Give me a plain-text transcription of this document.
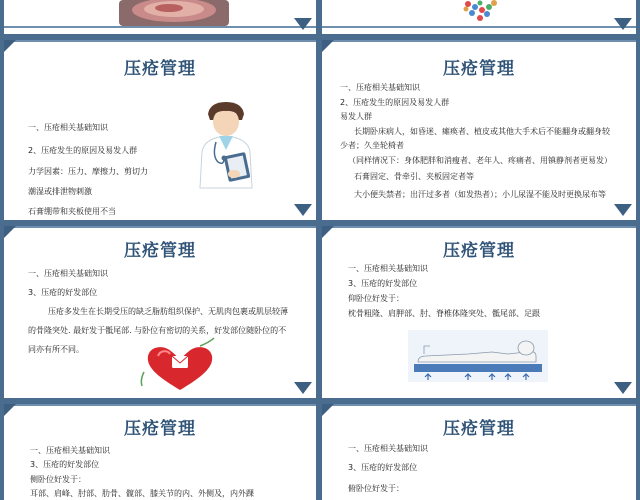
压疮管理
一、压疮相关基础知识
2、压疮发生的原因及易发人群
力学因素：压力、摩擦力、剪切力
潮湿或排泄物刺激
石膏绷带和夹板使用不当
压疮管理
一、压疮相关基础知识
2、压疮发生的原因及易发人群
易发人群
长期卧床病人，如昏迷、瘫痪者、植皮或其他大手术后不能翻身或翻身较
少者；久坐轮椅者
（同样情况下：身体肥胖和消瘦者、老年人、疼痛者、用镇静剂者更易发）
石膏固定、骨牵引、夹板固定者等
大小便失禁者；出汗过多者（如发热者）；小儿尿湿不能及时更换尿布等
压疮管理
一、压疮相关基础知识
3、压疮的好发部位
压疮多发生在长期受压的缺乏脂肪组织保护、无肌肉包裹或肌层较薄的骨隆突处. 最好发于骶尾部. 与卧位有密切的关系，好发部位随卧位的不同亦有所不同。
压疮管理
一、压疮相关基础知识
3、压疮的好发部位
仰卧位好发于：
枕骨粗隆、肩胛部、肘、脊椎体隆突处、骶尾部、足跟
压疮管理
一、压疮相关基础知识
3、压疮的好发部位
侧卧位好发于：
耳部、肩峰、肘部、肋骨、髋部、膝关节的内、外侧及，内外踝
压疮管理
一、压疮相关基础知识
3、压疮的好发部位
俯卧位好发于：
